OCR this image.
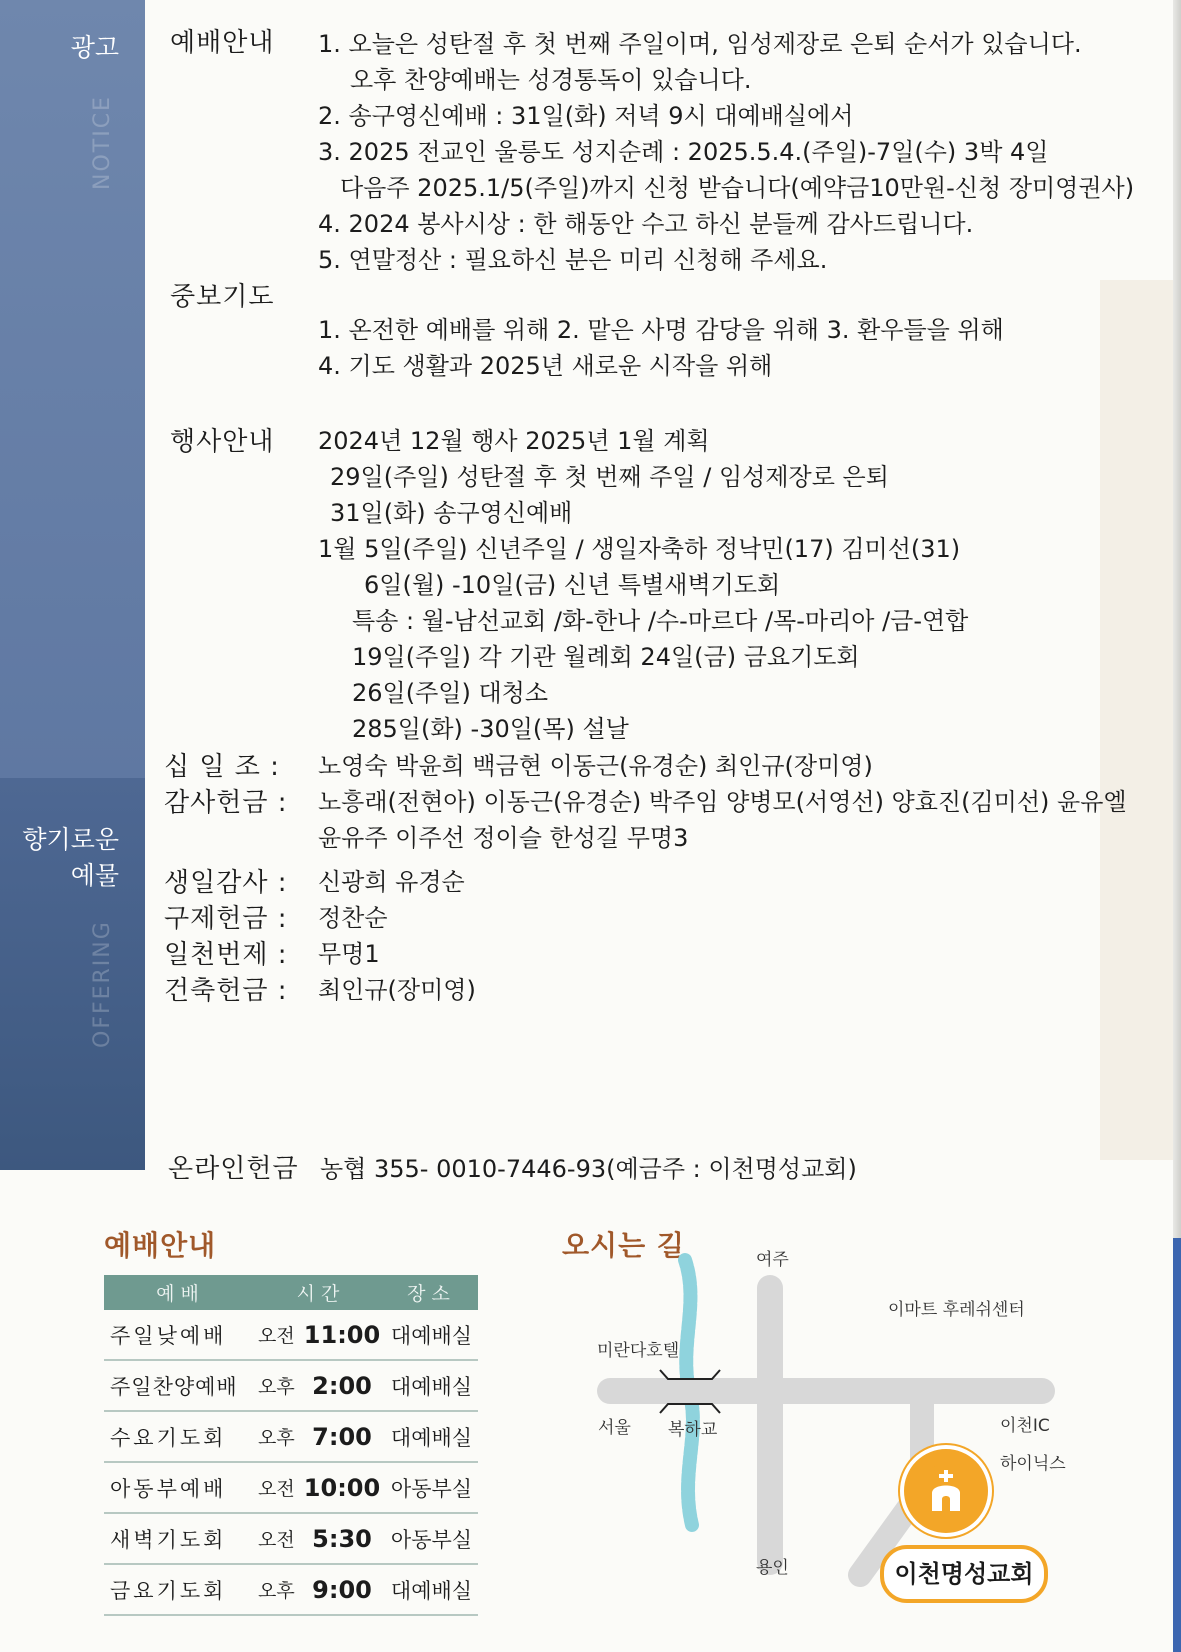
광고
NOTICE
향기로운
예물
OFFERING
예배안내 1. 오늘은 성탄절 후 첫 번째 주일이며, 임성제장로 은퇴 순서가 있습니다.
오후 찬양예배는 성경통독이 있습니다.
2. 송구영신예배 : 31일(화) 저녁 9시 대예배실에서
3. 2025 전교인 울릉도 성지순례 : 2025.5.4.(주일)-7일(수) 3박 4일
다음주 2025.1/5(주일)까지 신청 받습니다(예약금10만원-신청 장미영권사)
4. 2024 봉사시상 : 한 해동안 수고 하신 분들께 감사드립니다.
5. 연말정산 : 필요하신 분은 미리 신청해 주세요.
중보기도
1. 온전한 예배를 위해 2. 맡은 사명 감당을 위해 3. 환우들을 위해
4. 기도 생활과 2025년 새로운 시작을 위해
행사안내 2024년 12월 행사 2025년 1월 계획
29일(주일) 성탄절 후 첫 번째 주일 / 임성제장로 은퇴
31일(화) 송구영신예배
1월 5일(주일) 신년주일 / 생일자축하 정낙민(17) 김미선(31)
6일(월) -10일(금) 신년 특별새벽기도회
특송 : 월-남선교회 /화-한나 /수-마르다 /목-마리아 /금-연합
19일(주일) 각 기관 월례회 24일(금) 금요기도회
26일(주일) 대청소
285일(화) -30일(목) 설날
십 일 조 : 노영숙 박윤희 백금현 이동근(유경순) 최인규(장미영)
감사헌금 : 노흥래(전현아) 이동근(유경순) 박주임 양병모(서영선) 양효진(김미선) 윤유엘
윤유주 이주선 정이슬 한성길 무명3
생일감사 : 신광희 유경순
구제헌금 : 정찬순
일천번제 : 무명1
건축헌금 : 최인규(장미영)
온라인헌금 농협 355- 0010-7446-93(예금주 : 이천명성교회)
예배안내
예배	시간		장소
주일낮예배	오전	11:00	대예배실
주일찬양예배	오후	2:00	대예배실
수요기도회	오후	7:00	대예배실
아동부예배	오전	10:00	아동부실
새벽기도회	오전	5:30	아동부실
금요기도회	오후	9:00	대예배실
오시는 길	여주
이마트 후레쉬센터
미란다호텔
서울 복하교	이천IC
하이닉스
용인	이천명성교회
